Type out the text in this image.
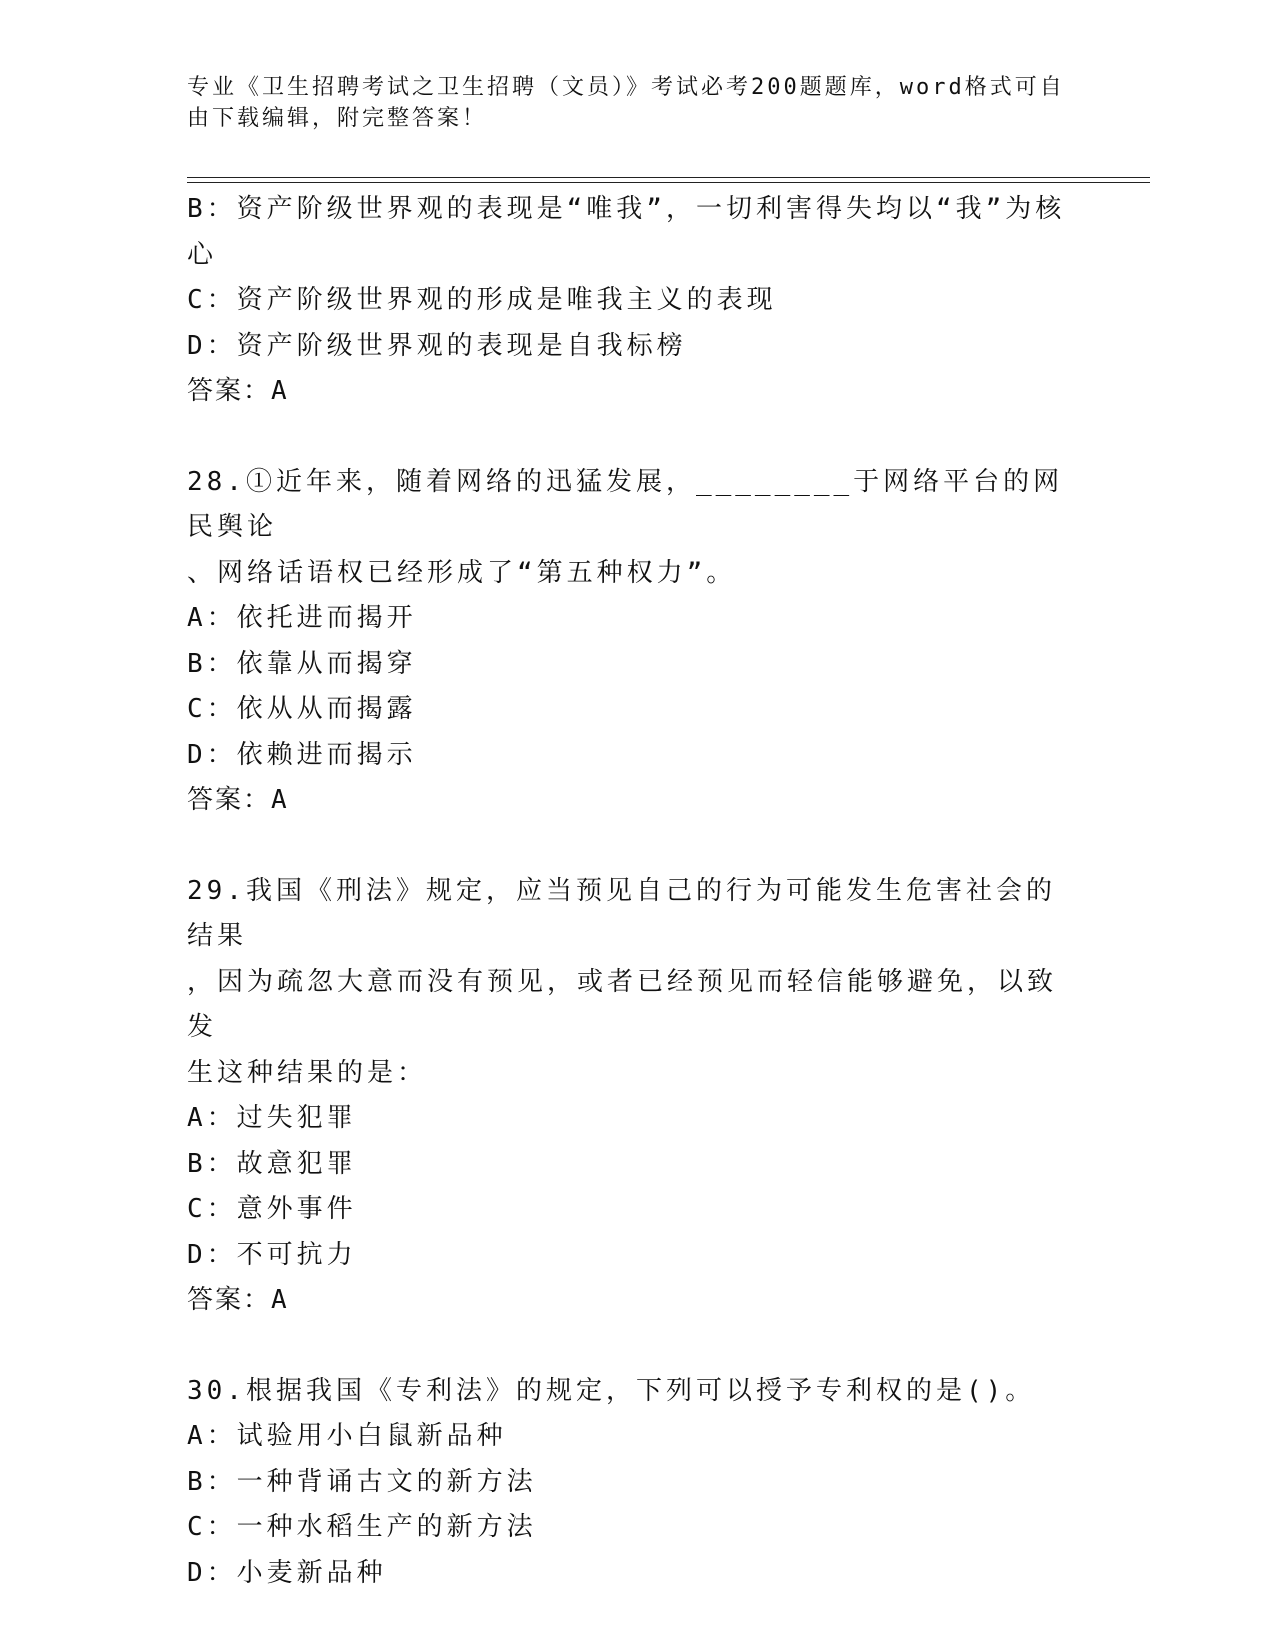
专业《卫生招聘考试之卫生招聘（文员）》考试必考200题题库，word格式可自
由下载编辑，附完整答案！
B：资产阶级世界观的表现是“唯我”，一切利害得失均以“我”为核
心
C：资产阶级世界观的形成是唯我主义的表现
D：资产阶级世界观的表现是自我标榜
答案：A
28.①近年来，随着网络的迅猛发展，________于网络平台的网民舆论
、网络话语权已经形成了“第五种权力”。
A：依托进而揭开
B：依靠从而揭穿
C：依从从而揭露
D：依赖进而揭示
答案：A
29.我国《刑法》规定，应当预见自己的行为可能发生危害社会的结果
，因为疏忽大意而没有预见，或者已经预见而轻信能够避免，以致发
生这种结果的是：
A：过失犯罪
B：故意犯罪
C：意外事件
D：不可抗力
答案：A
30.根据我国《专利法》的规定，下列可以授予专利权的是()。
A：试验用小白鼠新品种
B：一种背诵古文的新方法
C：一种水稻生产的新方法
D：小麦新品种
